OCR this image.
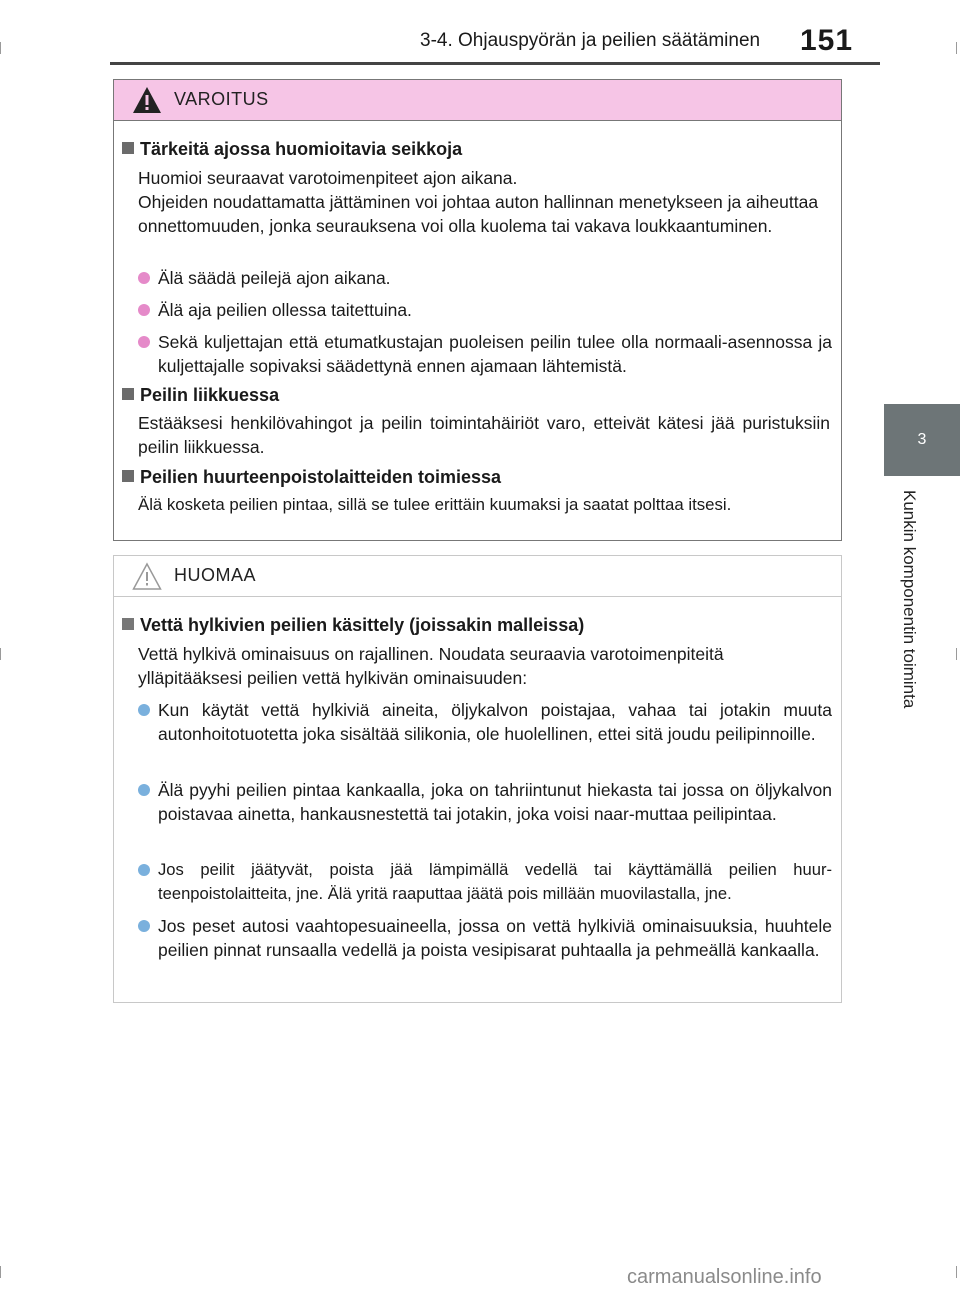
3-4. Ohjauspyörän ja peilien säätäminen	151
3
Kunkin komponentin toiminta
VAROITUS
Tärkeitä ajossa huomioitavia seikkoja
Huomioi seuraavat varotoimenpiteet ajon aikana.
Ohjeiden noudattamatta jättäminen voi johtaa auton hallinnan menetykseen ja aiheuttaa onnettomuuden, jonka seurauksena voi olla kuolema tai vakava loukkaantuminen.
Älä säädä peilejä ajon aikana.
Älä aja peilien ollessa taitettuina.
Sekä kuljettajan että etumatkustajan puoleisen peilin tulee olla normaali-asennossa ja kuljettajalle sopivaksi säädettynä ennen ajamaan lähtemistä.
Peilin liikkuessa
Estääksesi henkilövahingot ja peilin toimintahäiriöt varo, etteivät kätesi jää puristuksiin peilin liikkuessa.
Peilien huurteenpoistolaitteiden toimiessa
Älä kosketa peilien pintaa, sillä se tulee erittäin kuumaksi ja saatat polttaa itsesi.
HUOMAA
Vettä hylkivien peilien käsittely (joissakin malleissa)
Vettä hylkivä ominaisuus on rajallinen. Noudata seuraavia varotoimenpiteitä ylläpitääksesi peilien vettä hylkivän ominaisuuden:
Kun käytät vettä hylkiviä aineita, öljykalvon poistajaa, vahaa tai jotakin muuta autonhoitotuotetta joka sisältää silikonia, ole huolellinen, ettei sitä joudu peilipinnoille.
Älä pyyhi peilien pintaa kankaalla, joka on tahriintunut hiekasta tai jossa on öljykalvon poistavaa ainetta, hankausnestettä tai jotakin, joka voisi naar-muttaa peilipintaa.
Jos peilit jäätyvät, poista jää lämpimällä vedellä tai käyttämällä peilien huur-teenpoistolaitteita, jne. Älä yritä raaputtaa jäätä pois millään muovilastalla, jne.
Jos peset autosi vaahtopesuaineella, jossa on vettä hylkiviä ominaisuuksia, huuhtele peilien pinnat runsaalla vedellä ja poista vesipisarat puhtaalla ja pehmeällä kankaalla.
carmanualsonline.info
